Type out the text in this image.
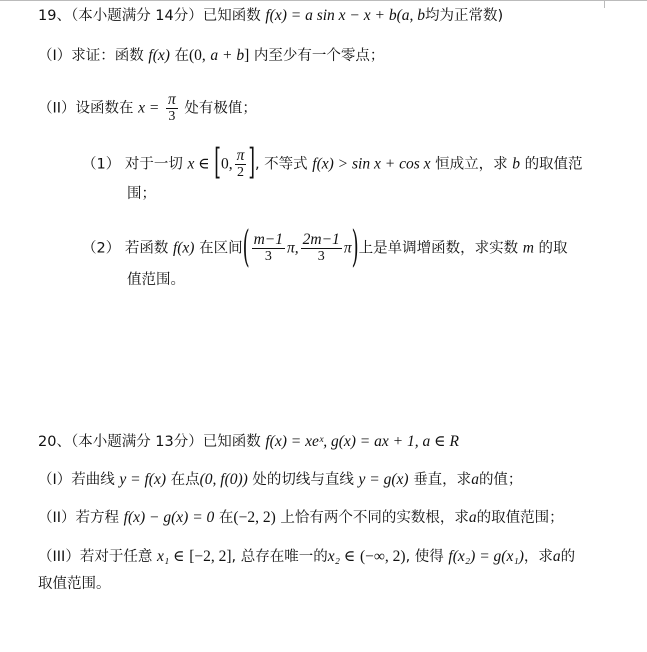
19、（本小题满分 14分）已知函数 f(x) = a sin x − x + b(a, b均为正常数)
（I）求证：函数 f(x) 在(0, a + b] 内至少有一个零点；
（II）设函数在 $x = \frac{\pi}{3}$ 处有极值；
（1） 对于一切 x ∈ [0, $\frac{\pi}{2}$ ], 不等式 f(x) > sin x + cos x 恒成立，求 b 的取值范
围；
（2） 若函数 f(x) 在区间( $\frac{m-1}{3} \pi$, $\frac{2m-1}{3} \pi$)上是单调增函数，求实数 m 的取
值范围。
20、（本小题满分 13分）已知函数 f(x) = xeˣ, g(x) = ax + 1, a ∈ R
（I）若曲线 y = f(x) 在点(0, f(0)) 处的切线与直线 y = g(x) 垂直，求a的值；
（II）若方程 f(x) − g(x) = 0 在(−2, 2) 上恰有两个不同的实数根，求a的取值范围；
（III）若对于任意 x₁ ∈ [−2, 2], 总存在唯一的x₂ ∈ (−∞, 2), 使得 f(x₂) = g(x₁)，求a的
取值范围。
